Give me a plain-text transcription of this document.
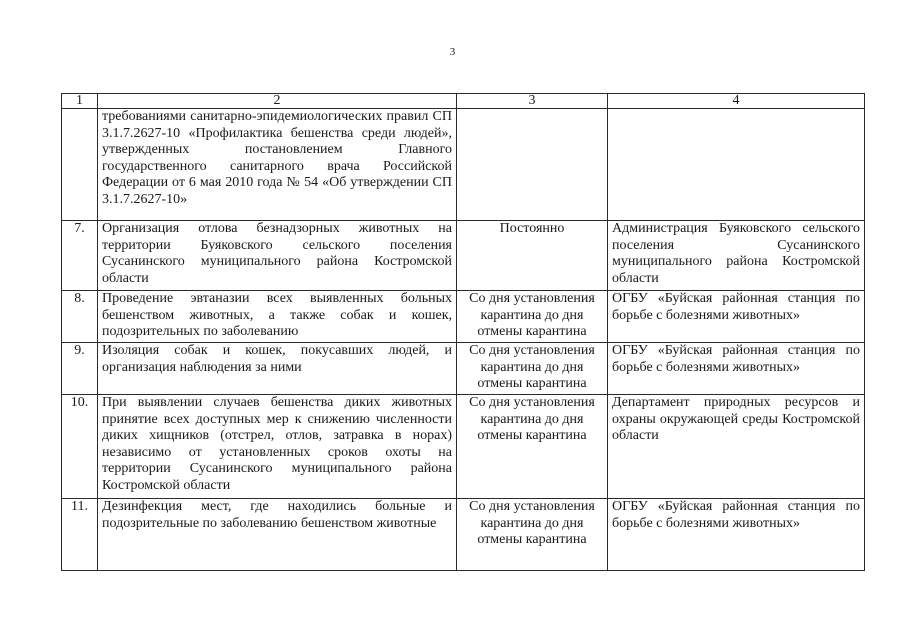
3
1	2	3	4
	требованиями санитарно-эпидемиологических правил СП 3.1.7.2627-10 «Профилактика бешенства среди людей», утвержденных постановлением Главного государственного санитарного врача Российской Федерации от 6 мая 2010 года № 54 «Об утверждении СП 3.1.7.2627-10»		
7.	Организация отлова безнадзорных животных на территории Буяковского сельского поселения Сусанинского муниципального района Костромской области	Постоянно	Администрация Буяковского сельского поселения Сусанинского муниципального района Костромской области
8.	Проведение эвтаназии всех выявленных больных бешенством животных, а также собак и кошек, подозрительных по заболеванию	Со дня установления карантина до дня отмены карантина	ОГБУ «Буйская районная станция по борьбе с болезнями животных»
9.	Изоляция собак и кошек, покусавших людей, и организация наблюдения за ними	Со дня установления карантина до дня отмены карантина	ОГБУ «Буйская районная станция по борьбе с болезнями животных»
10.	При выявлении случаев бешенства диких животных принятие всех доступных мер к снижению численности диких хищников (отстрел, отлов, затравка в норах) независимо от установленных сроков охоты на территории Сусанинского муниципального района Костромской области	Со дня установления карантина до дня отмены карантина	Департамент природных ресурсов и охраны окружающей среды Костромской области
11.	Дезинфекция мест, где находились больные и подозрительные по заболеванию бешенством животные	Со дня установления карантина до дня отмены карантина	ОГБУ «Буйская районная станция по борьбе с болезнями животных»
